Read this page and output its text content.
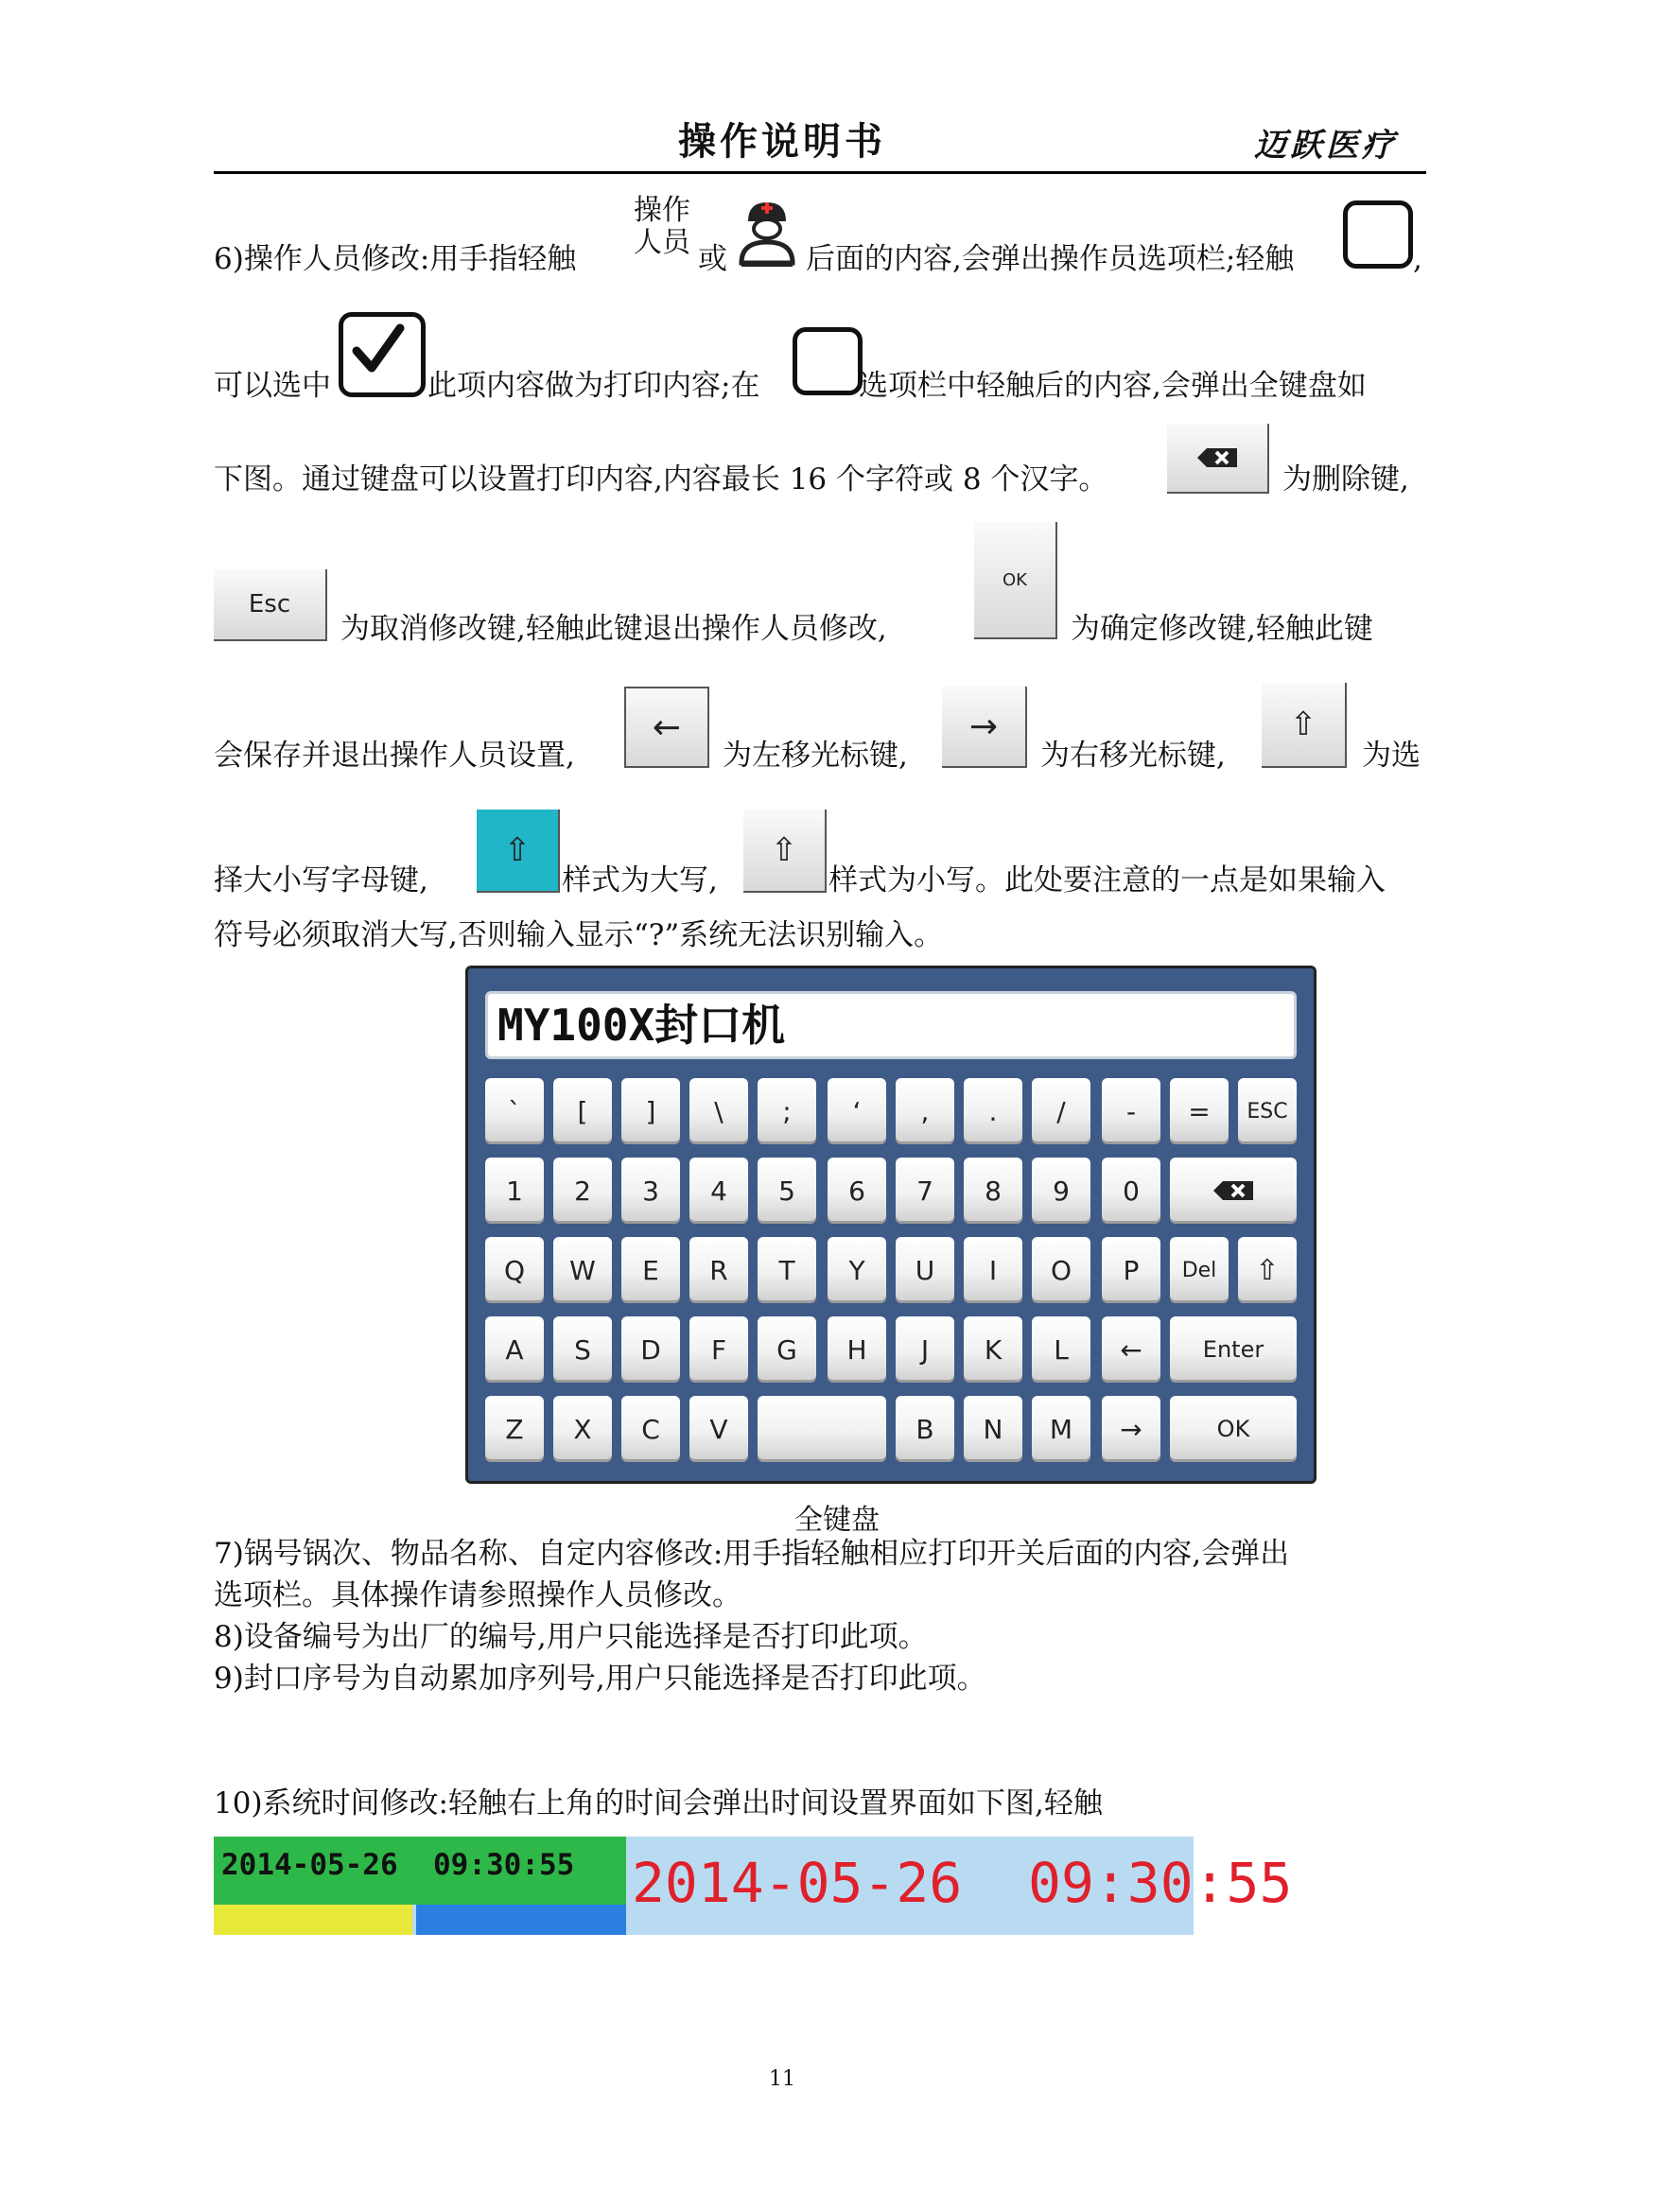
操作说明书	迈跃医疗
6)操作人员修改:用手指轻触
操作
人员 或	后面的内容,会弹出操作员选项栏;轻触	,
可以选中	此项内容做为打印内容;在	选项栏中轻触后的内容,会弹出全键盘如
下图。通过键盘可以设置打印内容,内容最长 16 个字符或 8 个汉字。	为删除键,
Esc
为取消修改键,轻触此键退出操作人员修改,
OK
为确定修改键,轻触此键
会保存并退出操作人员设置,
←
为左移光标键,
→
为右移光标键,
⇧
为选
择大小写字母键,
⇧
样式为大写,
⇧
样式为小写。此处要注意的一点是如果输入
符号必须取消大写,否则输入显示“?”系统无法识别输入。
MY100X封口机
`	[	]	\	;	‘	,	.	/	-	=	ESC
1	2	3	4	5	6	7	8	9	0
Q	W	E	R	T	Y	U	I	O	P	Del	⇧
A	S	D	F	G	H	J	K	L	←	Enter
Z	X	C	V	B	N	M	→	OK
全键盘
7)锅号锅次、物品名称、自定内容修改:用手指轻触相应打印开关后面的内容,会弹出
选项栏。具体操作请参照操作人员修改。
8)设备编号为出厂的编号,用户只能选择是否打印此项。
9)封口序号为自动累加序列号,用户只能选择是否打印此项。
10)系统时间修改:轻触右上角的时间会弹出时间设置界面如下图,轻触
2014-05-26  09:30:55 2014-05-26  09:30:55
11
